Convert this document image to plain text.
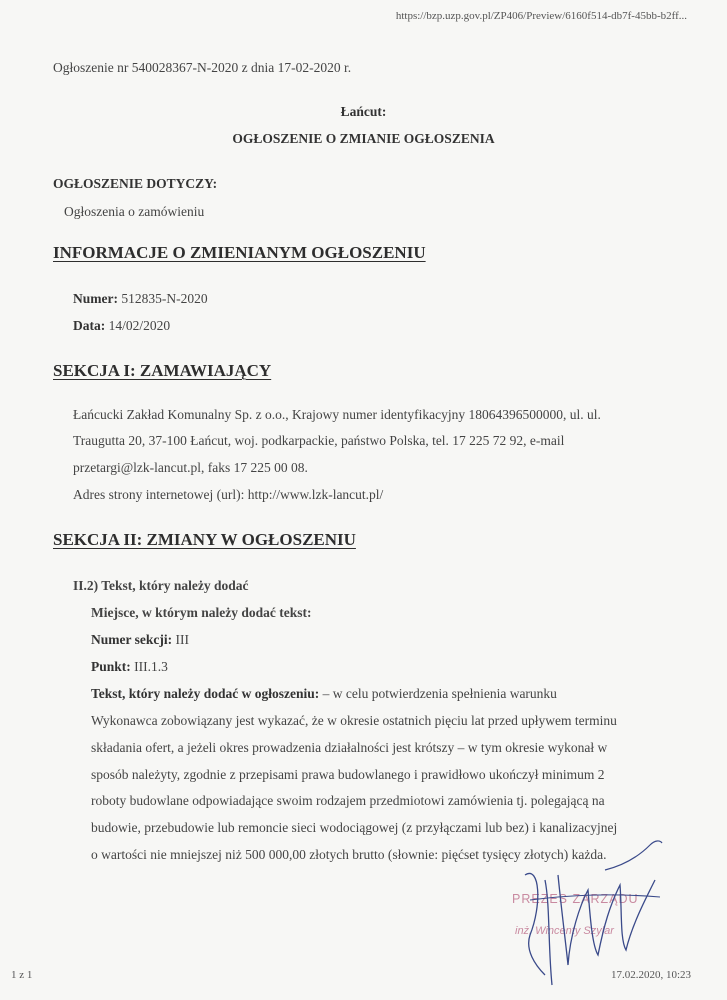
https://bzp.uzp.gov.pl/ZP406/Preview/6160f514-db7f-45bb-b2ff...
Ogłoszenie nr 540028367-N-2020 z dnia 17-02-2020 r.
Łańcut:
OGŁOSZENIE O ZMIANIE OGŁOSZENIA
OGŁOSZENIE DOTYCZY:
Ogłoszenia o zamówieniu
INFORMACJE O ZMIENIANYM OGŁOSZENIU
Numer: 512835-N-2020
Data: 14/02/2020
SEKCJA I: ZAMAWIAJĄCY
Łańcucki Zakład Komunalny Sp. z o.o., Krajowy numer identyfikacyjny 18064396500000, ul. ul.
Traugutta 20, 37-100 Łańcut, woj. podkarpackie, państwo Polska, tel. 17 225 72 92, e-mail
przetargi@lzk-lancut.pl, faks 17 225 00 08.
Adres strony internetowej (url): http://www.lzk-lancut.pl/
SEKCJA II: ZMIANY W OGŁOSZENIU
II.2) Tekst, który należy dodać
Miejsce, w którym należy dodać tekst:
Numer sekcji: III
Punkt: III.1.3
Tekst, który należy dodać w ogłoszeniu: – w celu potwierdzenia spełnienia warunku
Wykonawca zobowiązany jest wykazać, że w okresie ostatnich pięciu lat przed upływem terminu
składania ofert, a jeżeli okres prowadzenia działalności jest krótszy – w tym okresie wykonał w
sposób należyty, zgodnie z przepisami prawa budowlanego i prawidłowo ukończył minimum 2
roboty budowlane odpowiadające swoim rodzajem przedmiotowi zamówienia tj. polegającą na
budowie, przebudowie lub remoncie sieci wodociągowej (z przyłączami lub bez) i kanalizacyjnej
o wartości nie mniejszej niż 500 000,00 złotych brutto (słownie: pięćset tysięcy złotych) każda.
PREZES ZARZĄDU
inż. Wincenty Szylar
1 z 1	17.02.2020, 10:23
